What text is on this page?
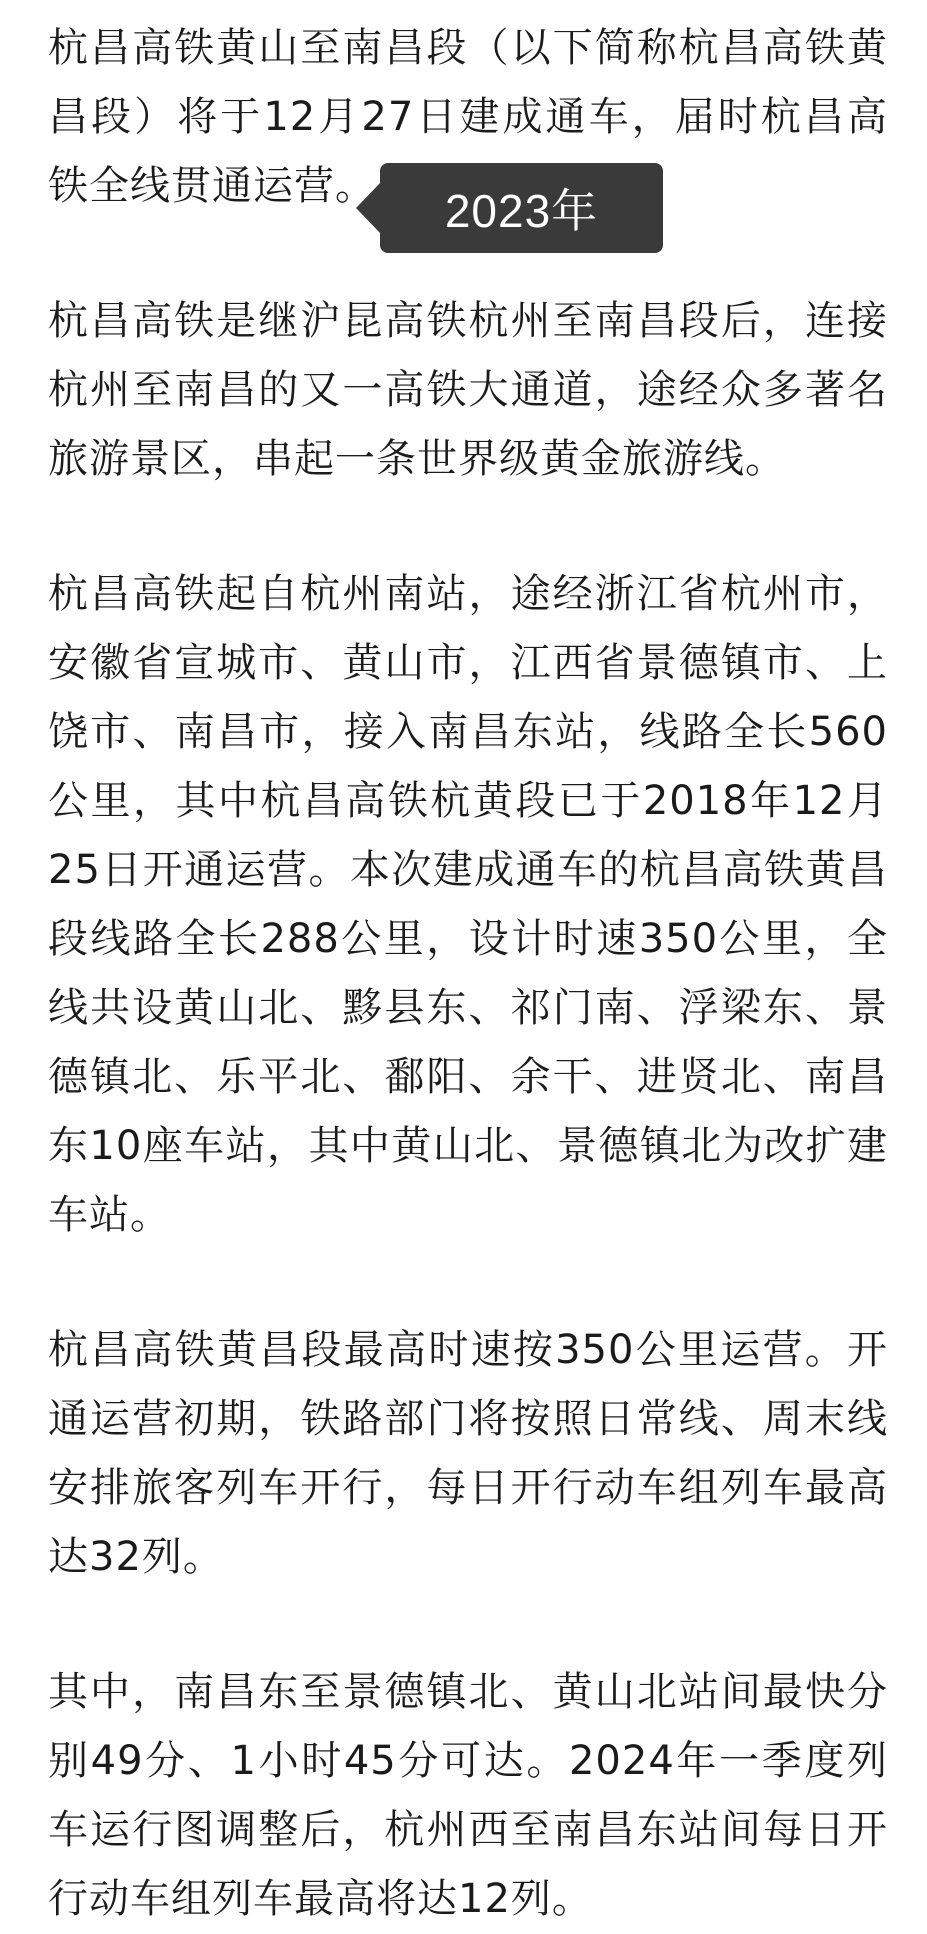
杭昌高铁黄山至南昌段（以下简称杭昌高铁黄昌段）将于12月27日建成通车，届时杭昌高铁全线贯通运营。

杭昌高铁是继沪昆高铁杭州至南昌段后，连接杭州至南昌的又一高铁大通道，途经众多著名旅游景区，串起一条世界级黄金旅游线。

杭昌高铁起自杭州南站，途经浙江省杭州市，安徽省宣城市、黄山市，江西省景德镇市、上饶市、南昌市，接入南昌东站，线路全长560公里，其中杭昌高铁杭黄段已于2018年12月25日开通运营。本次建成通车的杭昌高铁黄昌段线路全长288公里，设计时速350公里，全线共设黄山北、黟县东、祁门南、浮梁东、景德镇北、乐平北、鄱阳、余干、进贤北、南昌东10座车站，其中黄山北、景德镇北为改扩建车站。

杭昌高铁黄昌段最高时速按350公里运营。开通运营初期，铁路部门将按照日常线、周末线安排旅客列车开行，每日开行动车组列车最高达32列。

其中，南昌东至景德镇北、黄山北站间最快分别49分、1小时45分可达。2024年一季度列车运行图调整后，杭州西至南昌东站间每日开行动车组列车最高将达12列。

2023年
